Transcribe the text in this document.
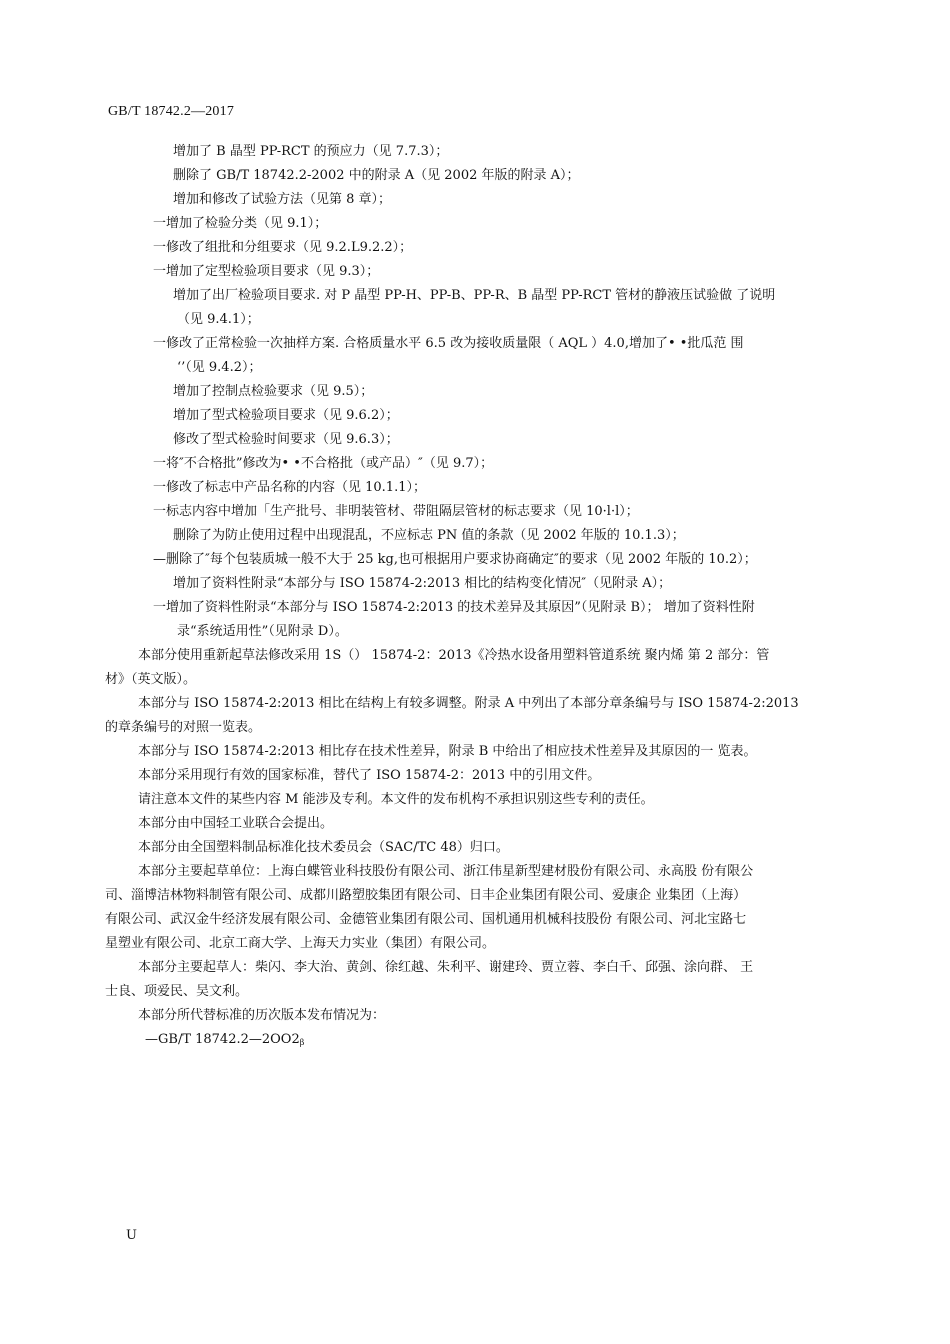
GB/T 18742.2—2017
增加了 B 晶型 PP-RCT 的预应力（见 7.7.3）；
删除了 GB/T 18742.2-2002 中的附录 A（见 2002 年版的附录 A）；
增加和修改了试验方法（见第 8 章）；
一增加了检验分类（见 9.1）；
一修改了组批和分组要求（见 9.2.L9.2.2）；
一增加了定型检验项目要求（见 9.3）；
增加了出厂检验项目要求. 对 P 晶型 PP-H、PP-B、PP-R、B 晶型 PP-RCT 管材的静液压试验做 了说明
（见 9.4.1）；
一修改了正常检验一次抽样方案. 合格质量水平 6.5 改为接收质量限（ AQL ）4.0,增加了• •批瓜范 围
‘’（见 9.4.2）；
增加了控制点检验要求（见 9.5）；
增加了型式检验项目要求（见 9.6.2）；
修改了型式检验时间要求（见 9.6.3）；
一将″不合格批”修改为• •不合格批（或产品）″（见 9.7）；
一修改了标志中产品名称的内容（见 10.1.1）；
一标志内容中增加「生产批号、非明装管材、带阻隔层管材的标志要求（见 10·l·l）；
删除了为防止使用过程中出现混乱，不应标志 PN 值的条款（见 2002 年版的 10.1.3）；
—删除了″每个包装质城一般不大于 25 kg,也可根据用户要求协商确定″的要求（见 2002 年版的 10.2）；
增加了资料性附录“本部分与 ISO 15874-2:2013 相比的结构变化情况″（见附录 A）；
一增加了资料性附录“本部分与 ISO 15874-2:2013 的技术差异及其原因”（见附录 B）； 增加了资料性附
录“系统适用性”（见附录 D）。
本部分使用重新起草法修改采用 1S（） 15874-2：2013《冷热水设备用塑料管道系统 聚内烯 第 2 部分：管
材》（英文版）。
本部分与 ISO 15874-2:2013 相比在结构上有较多调整。附录 A 中列出了本部分章条编号与 ISO 15874-2:2013
的章条编号的对照一览表。
本部分与 ISO 15874-2:2013 相比存在技术性差异，附录 B 中给出了相应技术性差异及其原因的一 览表。
本部分采用现行有效的国家标准，替代了 ISO 15874-2：2013 中的引用文件。
请注意本文件的某些内容 M 能涉及专利。本文件的发布机构不承担识别这些专利的责任。
本部分由中国轻工业联合会提出。
本部分由全国塑料制品标准化技术委员会（SAC/TC 48）归口。
本部分主要起草单位：上海白蝶管业科技股份有限公司、浙江伟星新型建材股份有限公司、永高股 份有限公
司、淄博洁林物料制管有限公司、成都川路塑胶集团有限公司、日丰企业集团有限公司、爱康企 业集团（上海）
有限公司、武汉金牛经济发展有限公司、金德管业集团有限公司、国机通用机械科技股份 有限公司、河北宝路七
星塑业有限公司、北京工商大学、上海天力实业（集团）有限公司。
本部分主要起草人：柴闪、李大治、黄剑、徐红越、朱利平、谢建玲、贾立蓉、李白千、邱强、涂向群、 王
士良、项爱民、吴文利。
本部分所代替标准的历次版本发布情况为：
—GB/T $18742.2—2OO2_\beta$
U
